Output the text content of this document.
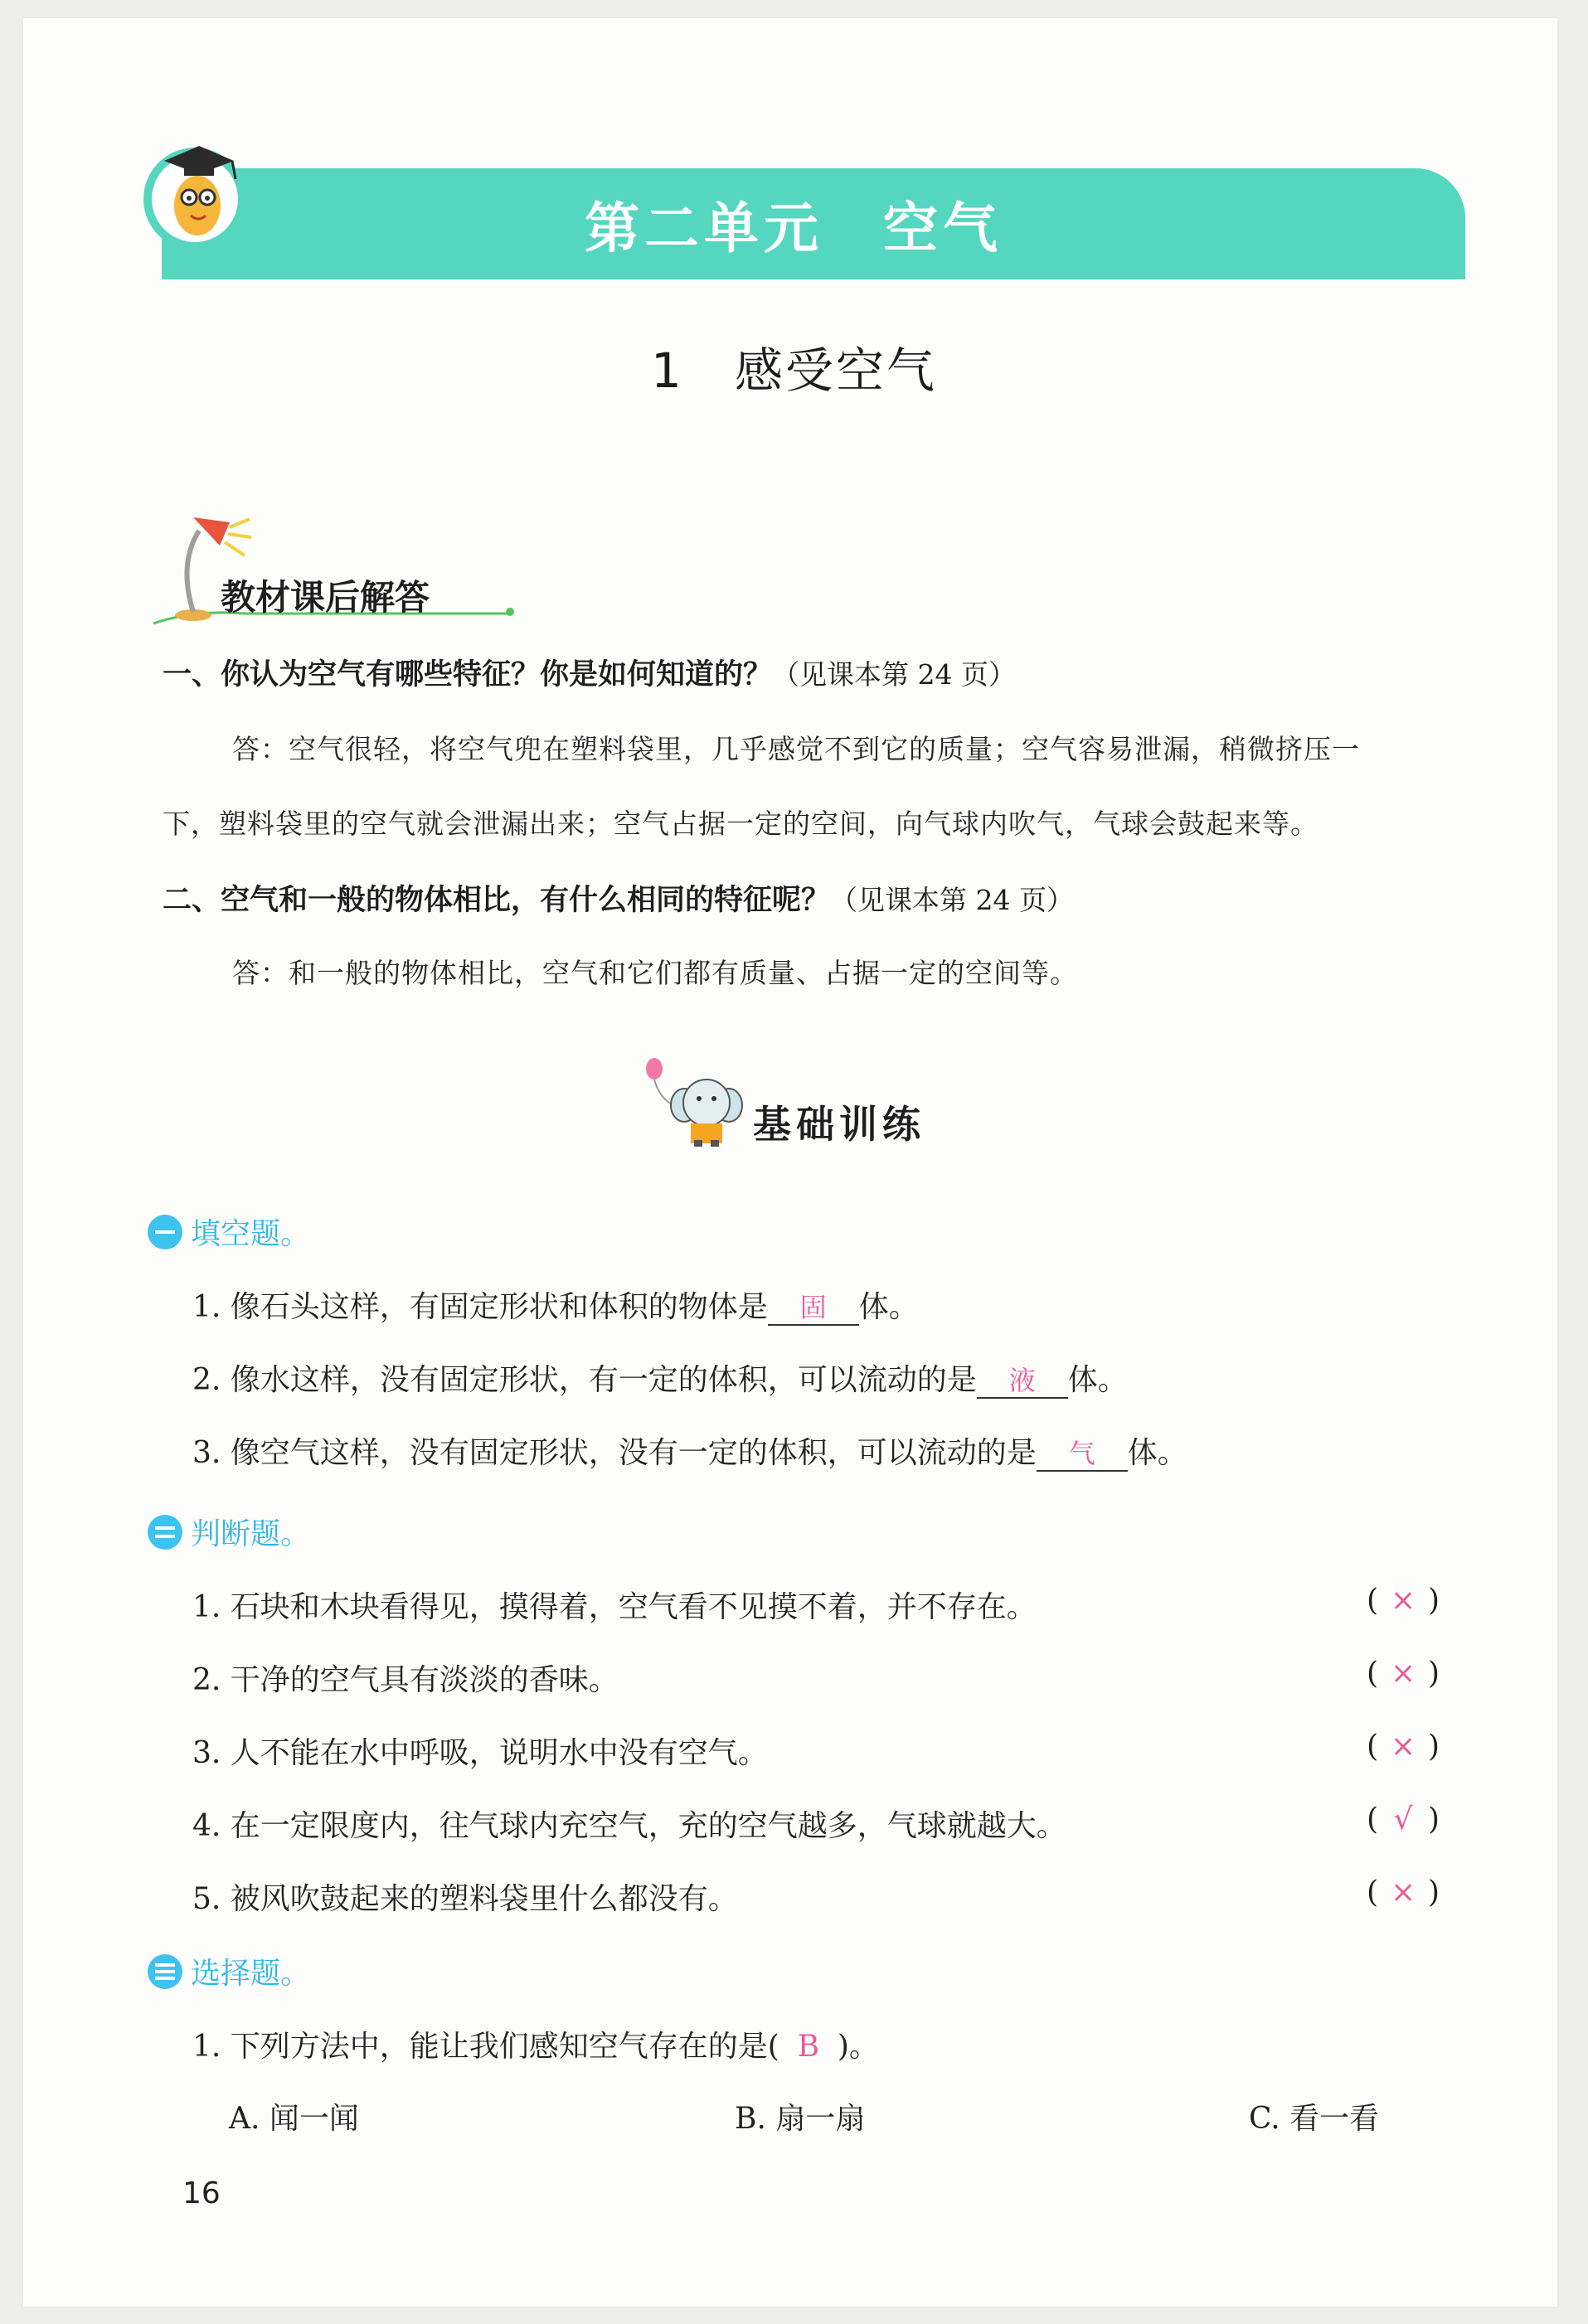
第二单元　空气
1　感受空气
教材课后解答
一、你认为空气有哪些特征？你是如何知道的？（见课本第 24 页）
答：空气很轻，将空气兜在塑料袋里，几乎感觉不到它的质量；空气容易泄漏，稍微挤压一
下，塑料袋里的空气就会泄漏出来；空气占据一定的空间，向气球内吹气，气球会鼓起来等。
二、空气和一般的物体相比，有什么相同的特征呢？（见课本第 24 页）
答：和一般的物体相比，空气和它们都有质量、占据一定的空间等。
基础训练
填空题。
1. 像石头这样，有固定形状和体积的物体是 固 体。
2. 像水这样，没有固定形状，有一定的体积，可以流动的是 液 体。
3. 像空气这样，没有固定形状，没有一定的体积，可以流动的是 气 体。
判断题。
1. 石块和木块看得见，摸得着，空气看不见摸不着，并不存在。	( × )
2. 干净的空气具有淡淡的香味。	( × )
3. 人不能在水中呼吸，说明水中没有空气。	( × )
4. 在一定限度内，往气球内充空气，充的空气越多，气球就越大。	( √ )
5. 被风吹鼓起来的塑料袋里什么都没有。	( × )
选择题。
1. 下列方法中，能让我们感知空气存在的是( B )。
A. 闻一闻	B. 扇一扇	C. 看一看
16
